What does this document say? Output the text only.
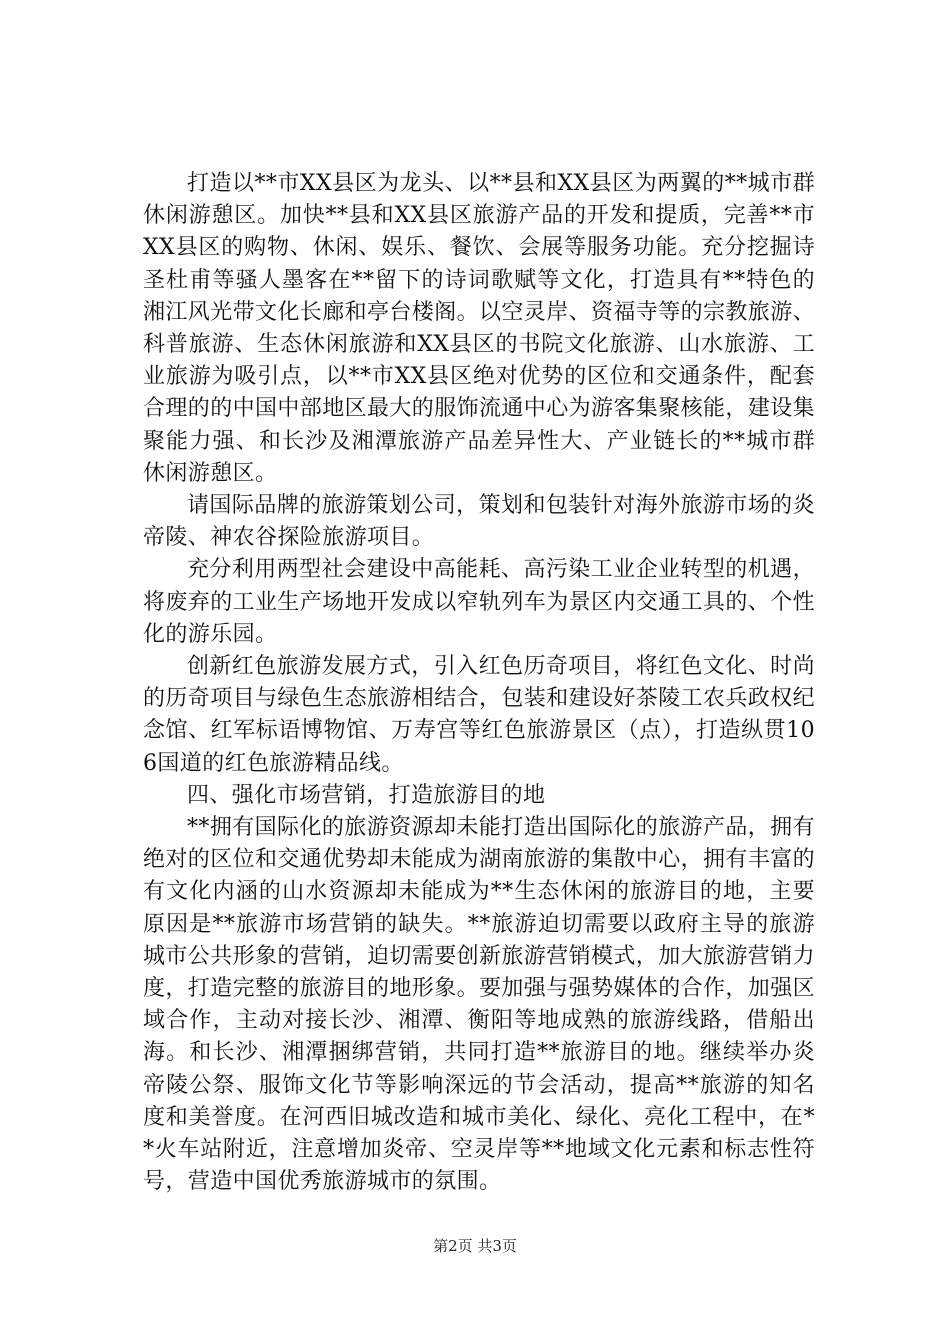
打造以**市XX县区为龙头、以**县和XX县区为两翼的**城市群休闲游憩区。加快**县和XX县区旅游产品的开发和提质，完善**市XX县区的购物、休闲、娱乐、餐饮、会展等服务功能。充分挖掘诗圣杜甫等骚人墨客在**留下的诗词歌赋等文化，打造具有**特色的湘江风光带文化长廊和亭台楼阁。以空灵岸、资福寺等的宗教旅游、科普旅游、生态休闲旅游和XX县区的书院文化旅游、山水旅游、工业旅游为吸引点，以**市XX县区绝对优势的区位和交通条件，配套合理的的中国中部地区最大的服饰流通中心为游客集聚核能，建设集聚能力强、和长沙及湘潭旅游产品差异性大、产业链长的**城市群休闲游憩区。

请国际品牌的旅游策划公司，策划和包装针对海外旅游市场的炎帝陵、神农谷探险旅游项目。

充分利用两型社会建设中高能耗、高污染工业企业转型的机遇，将废弃的工业生产场地开发成以窄轨列车为景区内交通工具的、个性化的游乐园。

创新红色旅游发展方式，引入红色历奇项目，将红色文化、时尚的历奇项目与绿色生态旅游相结合，包装和建设好茶陵工农兵政权纪念馆、红军标语博物馆、万寿宫等红色旅游景区（点），打造纵贯106国道的红色旅游精品线。

四、强化市场营销，打造旅游目的地

**拥有国际化的旅游资源却未能打造出国际化的旅游产品，拥有绝对的区位和交通优势却未能成为湖南旅游的集散中心，拥有丰富的有文化内涵的山水资源却未能成为**生态休闲的旅游目的地，主要原因是**旅游市场营销的缺失。**旅游迫切需要以政府主导的旅游城市公共形象的营销，迫切需要创新旅游营销模式，加大旅游营销力度，打造完整的旅游目的地形象。要加强与强势媒体的合作，加强区域合作，主动对接长沙、湘潭、衡阳等地成熟的旅游线路，借船出海。和长沙、湘潭捆绑营销，共同打造**旅游目的地。继续举办炎帝陵公祭、服饰文化节等影响深远的节会活动，提高**旅游的知名度和美誉度。在河西旧城改造和城市美化、绿化、亮化工程中，在**火车站附近，注意增加炎帝、空灵岸等**地域文化元素和标志性符号，营造中国优秀旅游城市的氛围。

第2页 共3页
